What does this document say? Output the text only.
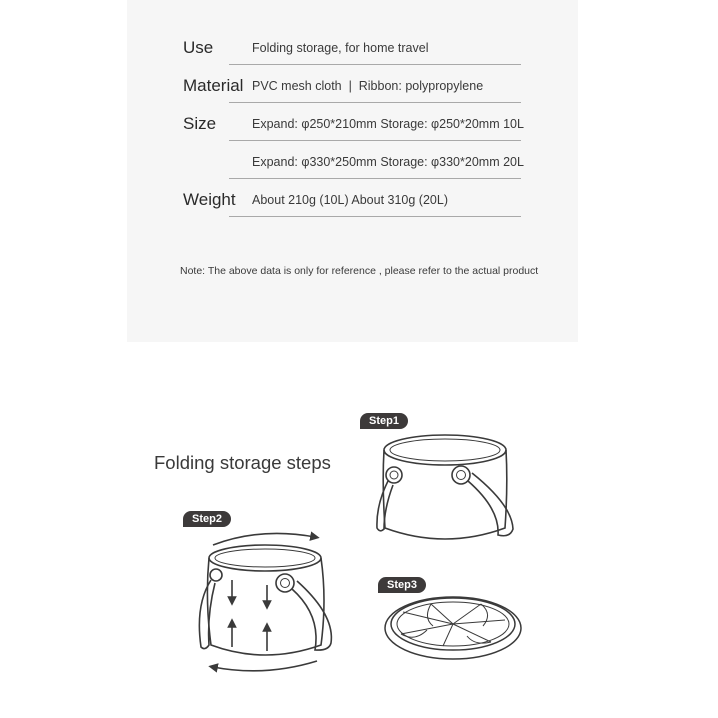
Use	Folding storage, for home travel
Material PVC mesh cloth  |  Ribbon: polypropylene
Size	Expand: φ250*210mm Storage: φ250*20mm 10L
Expand: φ330*250mm Storage: φ330*20mm 20L
Weight About 210g (10L) About 310g (20L)
Note: The above data is only for reference , please refer to the actual product
Folding storage steps
Step1
Step2
Step3
